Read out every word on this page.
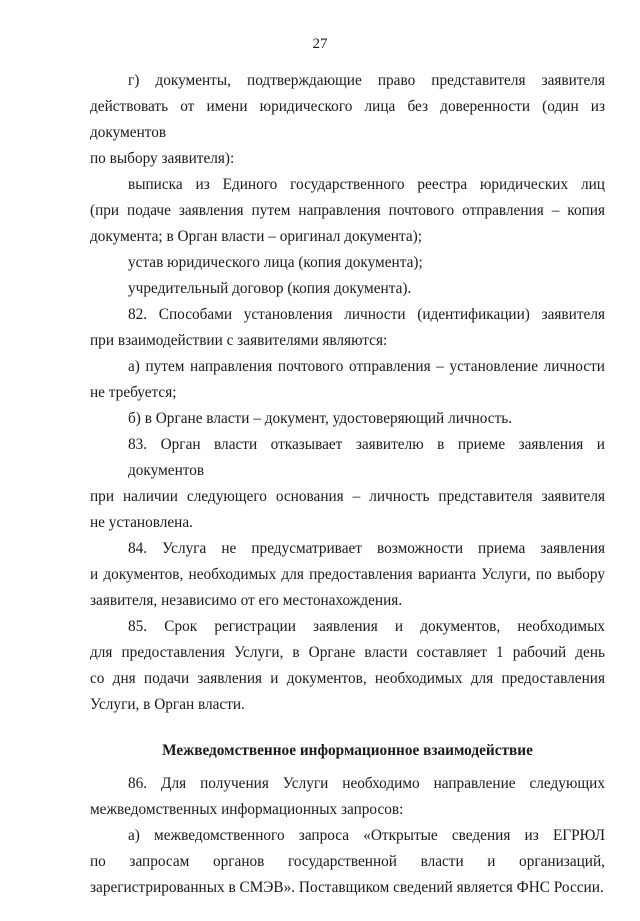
27

г) документы, подтверждающие право представителя заявителя

действовать от имени юридического лица без доверенности (один из документов

по выбору заявителя):

выписка из Единого государственного реестра юридических лиц

(при подаче заявления путем направления почтового отправления – копия

документа; в Орган власти – оригинал документа);

устав юридического лица (копия документа);

учредительный договор (копия документа).

82. Способами установления личности (идентификации) заявителя

при взаимодействии с заявителями являются:

а) путем направления почтового отправления – установление личности

не требуется;

б) в Органе власти – документ, удостоверяющий личность.

83. Орган власти отказывает заявителю в приеме заявления и документов

при наличии следующего основания – личность представителя заявителя

не установлена.

84. Услуга не предусматривает возможности приема заявления

и документов, необходимых для предоставления варианта Услуги, по выбору

заявителя, независимо от его местонахождения.

85. Срок регистрации заявления и документов, необходимых

для предоставления Услуги, в Органе власти составляет 1 рабочий день

со дня подачи заявления и документов, необходимых для предоставления

Услуги, в Орган власти.

Межведомственное информационное взаимодействие

86. Для получения Услуги необходимо направление следующих

межведомственных информационных запросов:

а) межведомственного запроса «Открытые сведения из ЕГРЮЛ

по запросам органов государственной власти и организаций,

зарегистрированных в СМЭВ». Поставщиком сведений является ФНС России.
